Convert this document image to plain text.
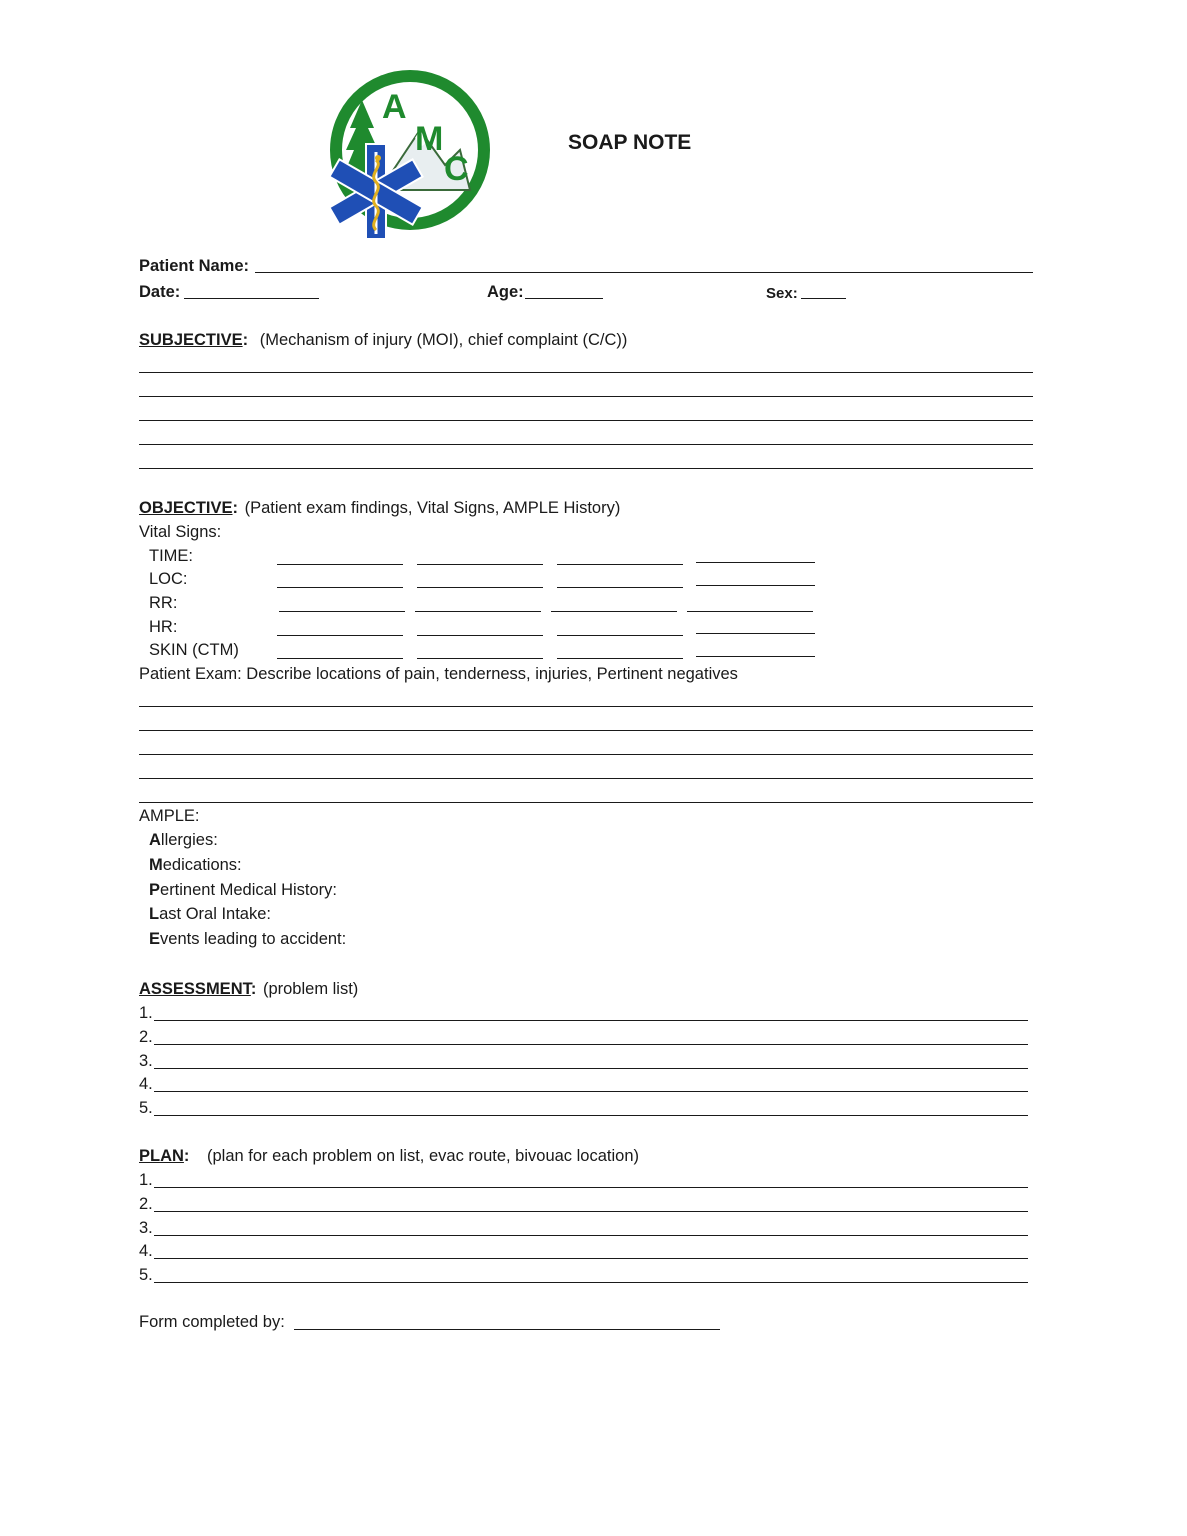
A
M
C
SOAP NOTE
Patient Name:
Date:	Age:	Sex:
SUBJECTIVE: (Mechanism of injury (MOI), chief complaint (C/C))
OBJECTIVE: (Patient exam findings, Vital Signs, AMPLE History)
Vital Signs:
TIME:
LOC:
RR:
HR:
SKIN (CTM)
Patient Exam: Describe locations of pain, tenderness, injuries, Pertinent negatives
AMPLE:
Allergies:
Medications:
Pertinent Medical History:
Last Oral Intake:
Events leading to accident:
ASSESSMENT: (problem list)
1.
2.
3.
4.
5.
PLAN: (plan for each problem on list, evac route, bivouac location)
1.
2.
3.
4.
5.
Form completed by:
